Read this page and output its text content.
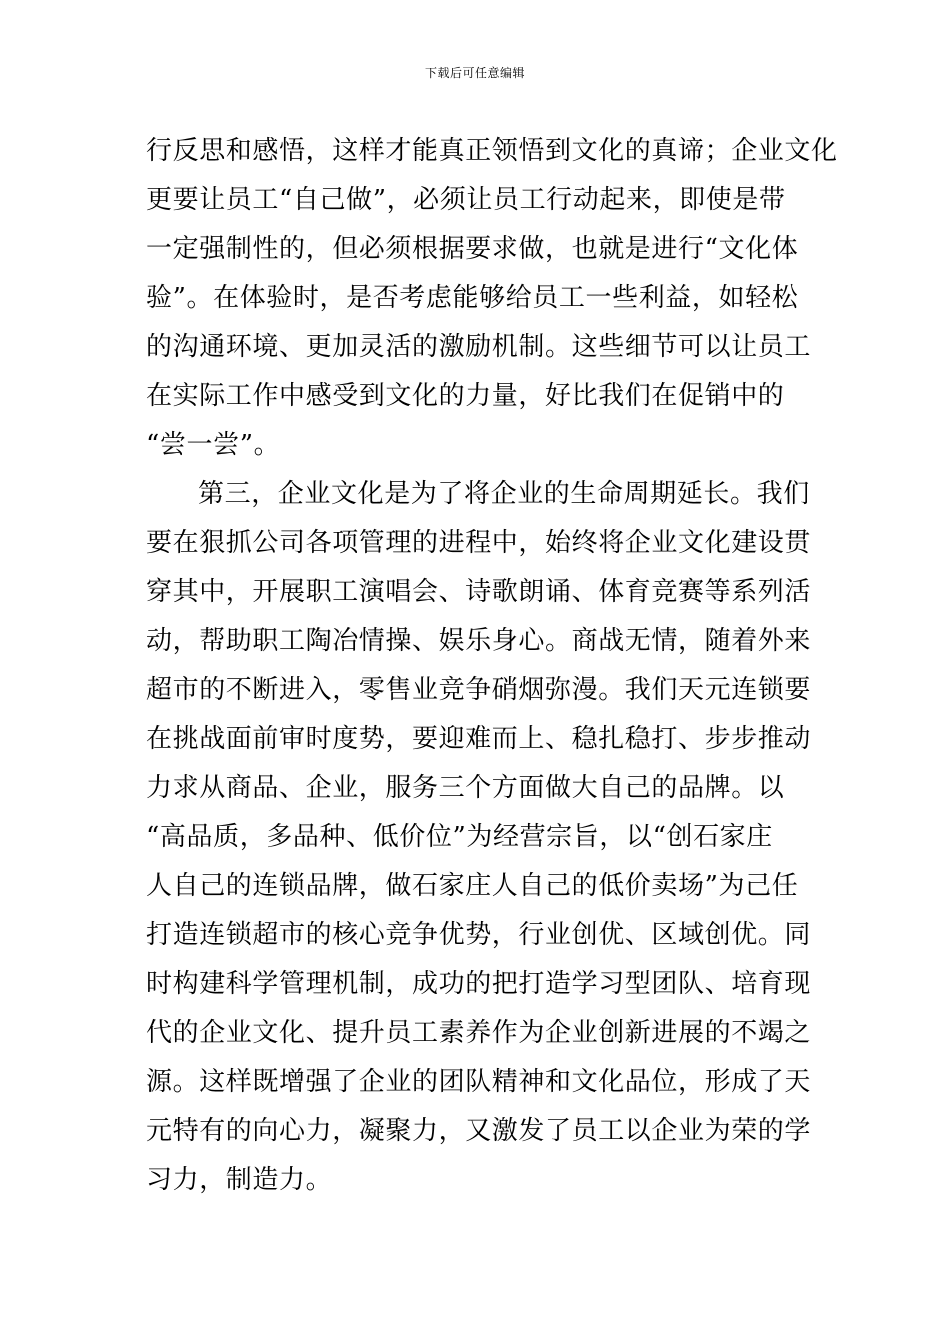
下载后可任意编辑
行反思和感悟，这样才能真正领悟到文化的真谛；企业文化
更要让员工“自己做”，必须让员工行动起来，即使是带
一定强制性的，但必须根据要求做，也就是进行“文化体
验”。在体验时，是否考虑能够给员工一些利益，如轻松
的沟通环境、更加灵活的激励机制。这些细节可以让员工
在实际工作中感受到文化的力量，好比我们在促销中的
“尝一尝”。
第三，企业文化是为了将企业的生命周期延长。我们
要在狠抓公司各项管理的进程中，始终将企业文化建设贯
穿其中，开展职工演唱会、诗歌朗诵、体育竞赛等系列活
动，帮助职工陶冶情操、娱乐身心。商战无情，随着外来
超市的不断进入，零售业竞争硝烟弥漫。我们天元连锁要
在挑战面前审时度势，要迎难而上、稳扎稳打、步步推动
力求从商品、企业，服务三个方面做大自己的品牌。以
“高品质，多品种、低价位”为经营宗旨，以“创石家庄
人自己的连锁品牌，做石家庄人自己的低价卖场”为己任
打造连锁超市的核心竞争优势，行业创优、区域创优。同
时构建科学管理机制，成功的把打造学习型团队、培育现
代的企业文化、提升员工素养作为企业创新进展的不竭之
源。这样既增强了企业的团队精神和文化品位，形成了天
元特有的向心力，凝聚力，又激发了员工以企业为荣的学
习力，制造力。
